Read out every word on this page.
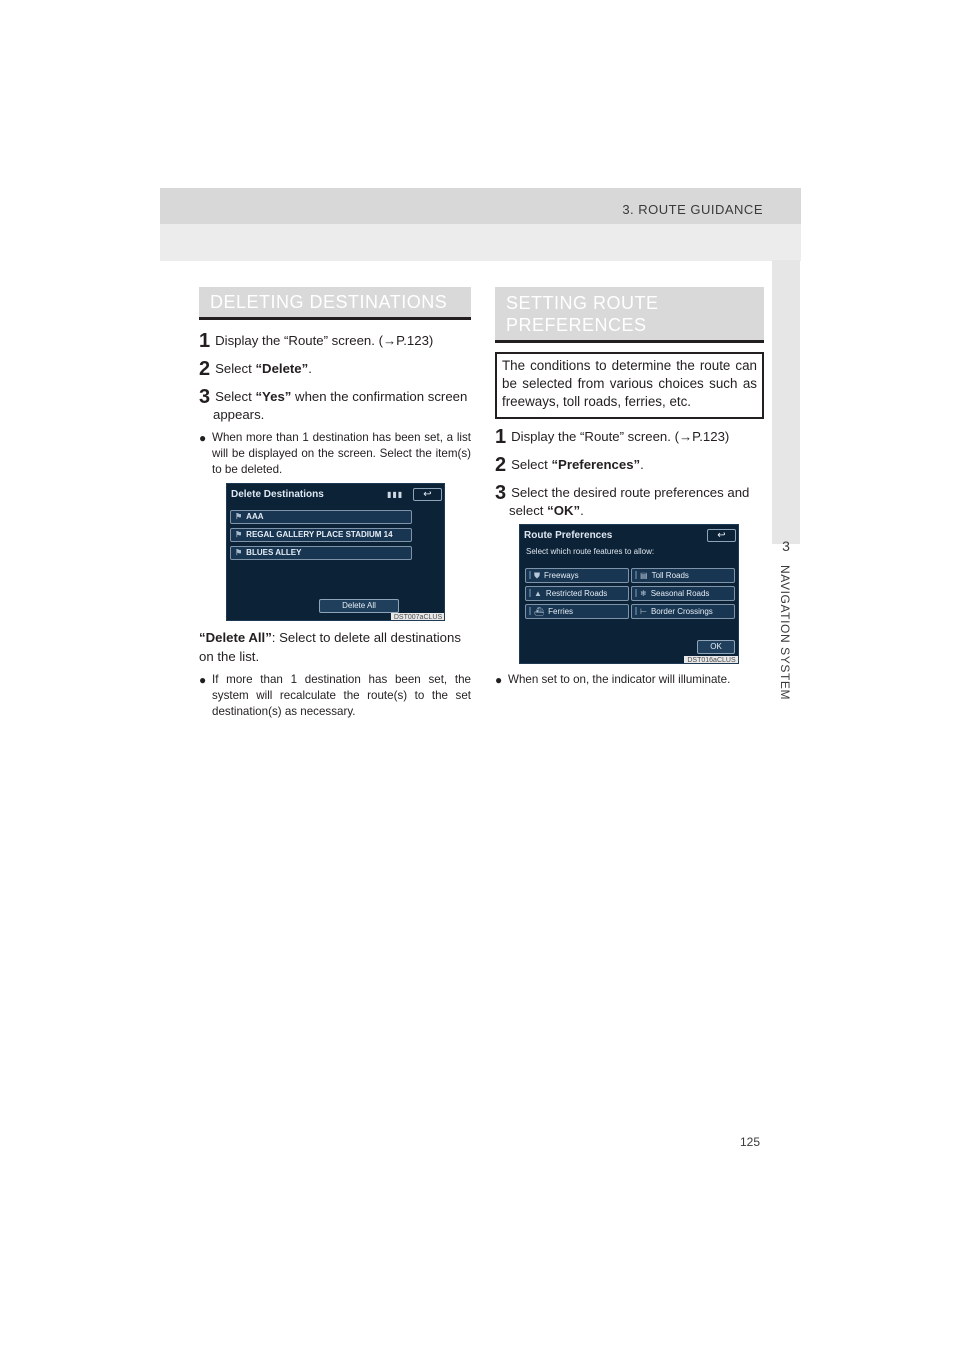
3. ROUTE GUIDANCE
3
NAVIGATION SYSTEM
DELETING DESTINATIONS
1 Display the “Route” screen. (→P.123)
2 Select “Delete”.
3 Select “Yes” when the confirmation screen appears.
● When more than 1 destination has been set, a list will be displayed on the screen. Select the item(s) to be deleted.
Delete Destinations	▮▮▮	↩
⚑ AAA
⚑ REGAL GALLERY PLACE STADIUM 14
⚑ BLUES ALLEY
Delete All
DST007aCLUS
“Delete All”: Select to delete all destinations on the list.
● If more than 1 destination has been set, the system will recalculate the route(s) to the set destination(s) as necessary.
SETTING ROUTE
PREFERENCES
The conditions to determine the route can be selected from various choices such as freeways, toll roads, ferries, etc.
1 Display the “Route” screen. (→P.123)
2 Select “Preferences”.
3 Select the desired route preferences and select “OK”.
Route Preferences	↩
Select which route features to allow:
⛊ Freeways	▤ Toll Roads
▲ Restricted Roads	❄ Seasonal Roads
⛴ Ferries	⊢ Border Crossings
OK
DST016aCLUS
● When set to on, the indicator will illuminate.
125
